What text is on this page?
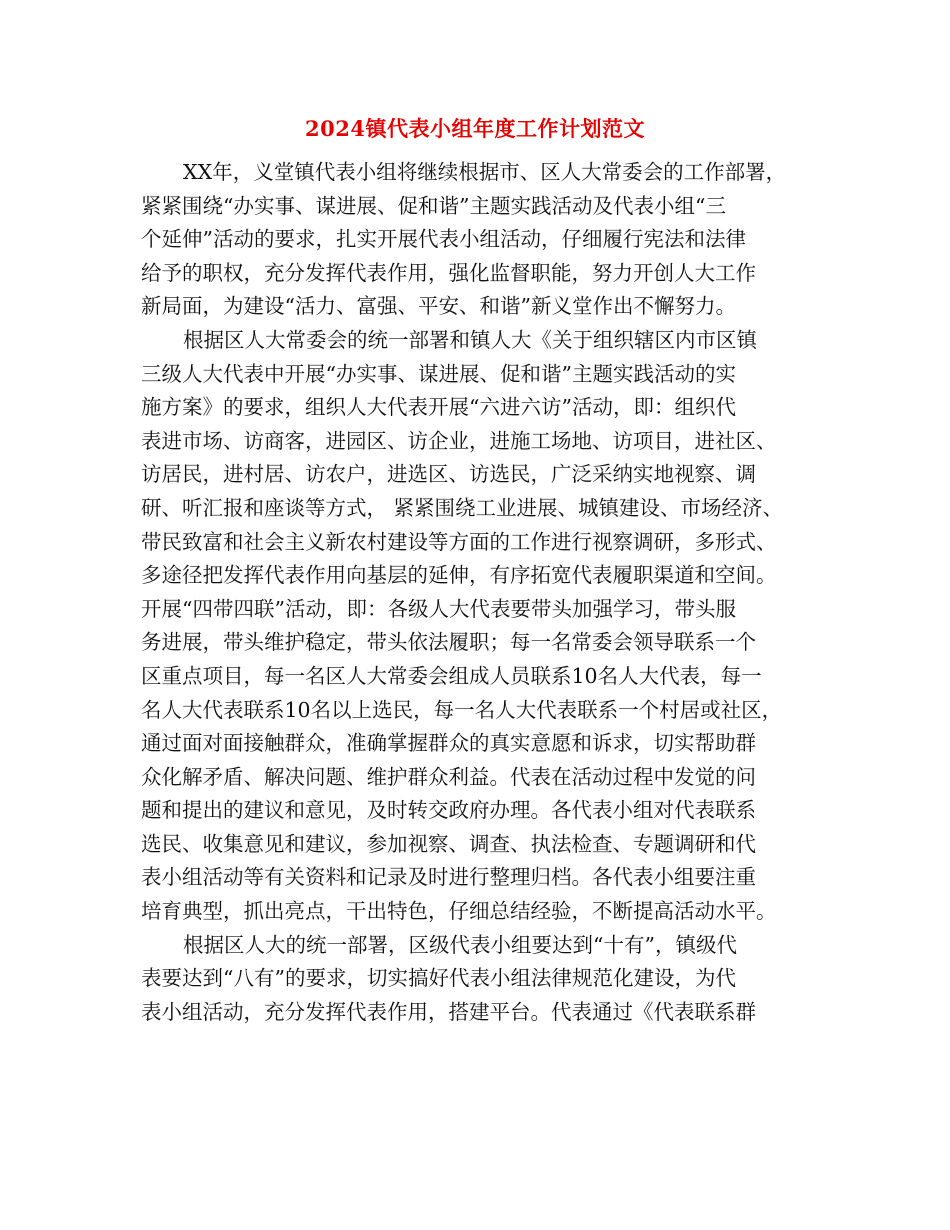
2024镇代表小组年度工作计划范文
XX年，义堂镇代表小组将继续根据市、区人大常委会的工作部署，
紧紧围绕“办实事、谋进展、促和谐”主题实践活动及代表小组“三
个延伸”活动的要求，扎实开展代表小组活动，仔细履行宪法和法律
给予的职权，充分发挥代表作用，强化监督职能，努力开创人大工作
新局面，为建设“活力、富强、平安、和谐”新义堂作出不懈努力。
根据区人大常委会的统一部署和镇人大《关于组织辖区内市区镇
三级人大代表中开展“办实事、谋进展、促和谐”主题实践活动的实
施方案》的要求，组织人大代表开展“六进六访”活动，即：组织代
表进市场、访商客，进园区、访企业，进施工场地、访项目，进社区、
访居民，进村居、访农户，进选区、访选民，广泛采纳实地视察、调
研、听汇报和座谈等方式， 紧紧围绕工业进展、城镇建设、市场经济、
带民致富和社会主义新农村建设等方面的工作进行视察调研，多形式、
多途径把发挥代表作用向基层的延伸，有序拓宽代表履职渠道和空间。
开展“四带四联”活动，即：各级人大代表要带头加强学习，带头服
务进展，带头维护稳定，带头依法履职；每一名常委会领导联系一个
区重点项目，每一名区人大常委会组成人员联系10名人大代表，每一
名人大代表联系10名以上选民，每一名人大代表联系一个村居或社区，
通过面对面接触群众，准确掌握群众的真实意愿和诉求，切实帮助群
众化解矛盾、解决问题、维护群众利益。代表在活动过程中发觉的问
题和提出的建议和意见，及时转交政府办理。各代表小组对代表联系
选民、收集意见和建议，参加视察、调查、执法检查、专题调研和代
表小组活动等有关资料和记录及时进行整理归档。各代表小组要注重
培育典型，抓出亮点，干出特色，仔细总结经验，不断提高活动水平。
根据区人大的统一部署，区级代表小组要达到“十有”，镇级代
表要达到“八有”的要求，切实搞好代表小组法律规范化建设，为代
表小组活动，充分发挥代表作用，搭建平台。代表通过《代表联系群
